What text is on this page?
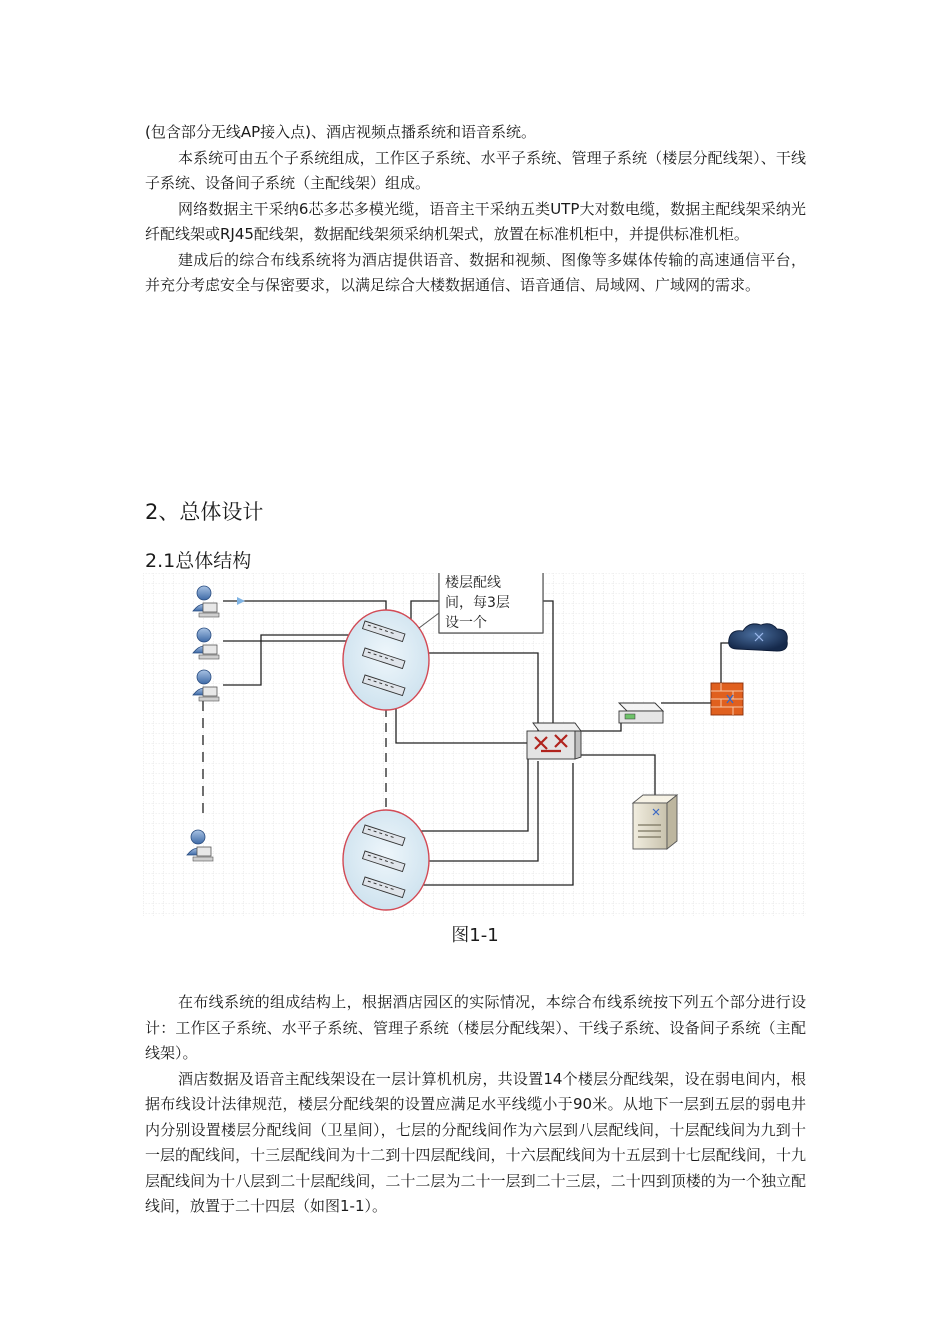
(包含部分无线AP接入点)、酒店视频点播系统和语音系统。

本系统可由五个子系统组成，工作区子系统、水平子系统、管理子系统（楼层分配线架）、干线子系统、设备间子系统（主配线架）组成。

网络数据主干采纳6芯多芯多模光缆，语音主干采纳五类UTP大对数电缆，数据主配线架采纳光纤配线架或RJ45配线架，数据配线架须采纳机架式，放置在标准机柜中，并提供标准机柜。

建成后的综合布线系统将为酒店提供语音、数据和视频、图像等多媒体传输的高速通信平台，并充分考虑安全与保密要求，以满足综合大楼数据通信、语音通信、局域网、广域网的需求。

2、总体设计
2.1总体结构
楼层配线
间，每3层
设一个
图1-1

在布线系统的组成结构上，根据酒店园区的实际情况，本综合布线系统按下列五个部分进行设计：工作区子系统、水平子系统、管理子系统（楼层分配线架）、干线子系统、设备间子系统（主配线架）。

酒店数据及语音主配线架设在一层计算机机房，共设置14个楼层分配线架，设在弱电间内，根据布线设计法律规范，楼层分配线架的设置应满足水平线缆小于90米。从地下一层到五层的弱电井内分别设置楼层分配线间（卫星间），七层的分配线间作为六层到八层配线间，十层配线间为九到十一层的配线间，十三层配线间为十二到十四层配线间，十六层配线间为十五层到十七层配线间，十九层配线间为十八层到二十层配线间，二十二层为二十一层到二十三层，二十四到顶楼的为一个独立配线间，放置于二十四层（如图1-1）。
